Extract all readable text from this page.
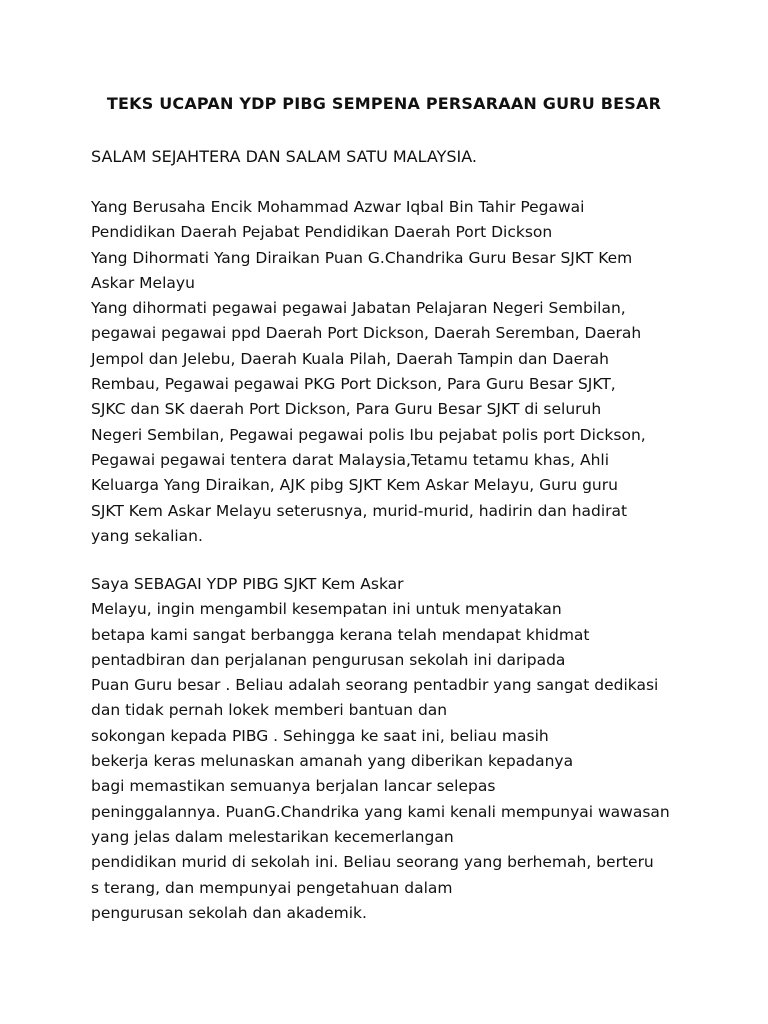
TEKS UCAPAN YDP PIBG SEMPENA PERSARAAN GURU BESAR
SALAM SEJAHTERA DAN SALAM SATU MALAYSIA.
Yang Berusaha Encik Mohammad Azwar Iqbal Bin Tahir Pegawai
Pendidikan Daerah Pejabat Pendidikan Daerah Port Dickson
Yang Dihormati Yang Diraikan Puan G.Chandrika Guru Besar SJKT Kem
Askar Melayu
Yang dihormati pegawai pegawai Jabatan Pelajaran Negeri Sembilan,
pegawai pegawai ppd Daerah Port Dickson, Daerah Seremban, Daerah
Jempol dan Jelebu, Daerah Kuala Pilah, Daerah Tampin dan Daerah
Rembau, Pegawai pegawai PKG Port Dickson, Para Guru Besar SJKT,
SJKC dan SK daerah Port Dickson, Para Guru Besar SJKT di seluruh
Negeri Sembilan, Pegawai pegawai polis Ibu pejabat polis port Dickson,
Pegawai pegawai tentera darat Malaysia,Tetamu tetamu khas, Ahli
Keluarga Yang Diraikan, AJK pibg SJKT Kem Askar Melayu, Guru guru
SJKT Kem Askar Melayu seterusnya, murid-murid, hadirin dan hadirat
yang sekalian.
Saya SEBAGAI YDP PIBG SJKT Kem Askar
Melayu, ingin mengambil kesempatan ini untuk menyatakan
betapa kami sangat berbangga kerana telah mendapat khidmat
pentadbiran dan perjalanan pengurusan sekolah ini daripada
Puan Guru besar . Beliau adalah seorang pentadbir yang sangat dedikasi
dan tidak pernah lokek memberi bantuan dan
sokongan kepada PIBG . Sehingga ke saat ini, beliau masih
bekerja keras melunaskan amanah yang diberikan kepadanya
bagi memastikan semuanya berjalan lancar selepas
peninggalannya. PuanG.Chandrika yang kami kenali mempunyai wawasan
yang jelas dalam melestarikan kecemerlangan
pendidikan murid di sekolah ini. Beliau seorang yang berhemah, berteru
s terang, dan mempunyai pengetahuan dalam
pengurusan sekolah dan akademik.
